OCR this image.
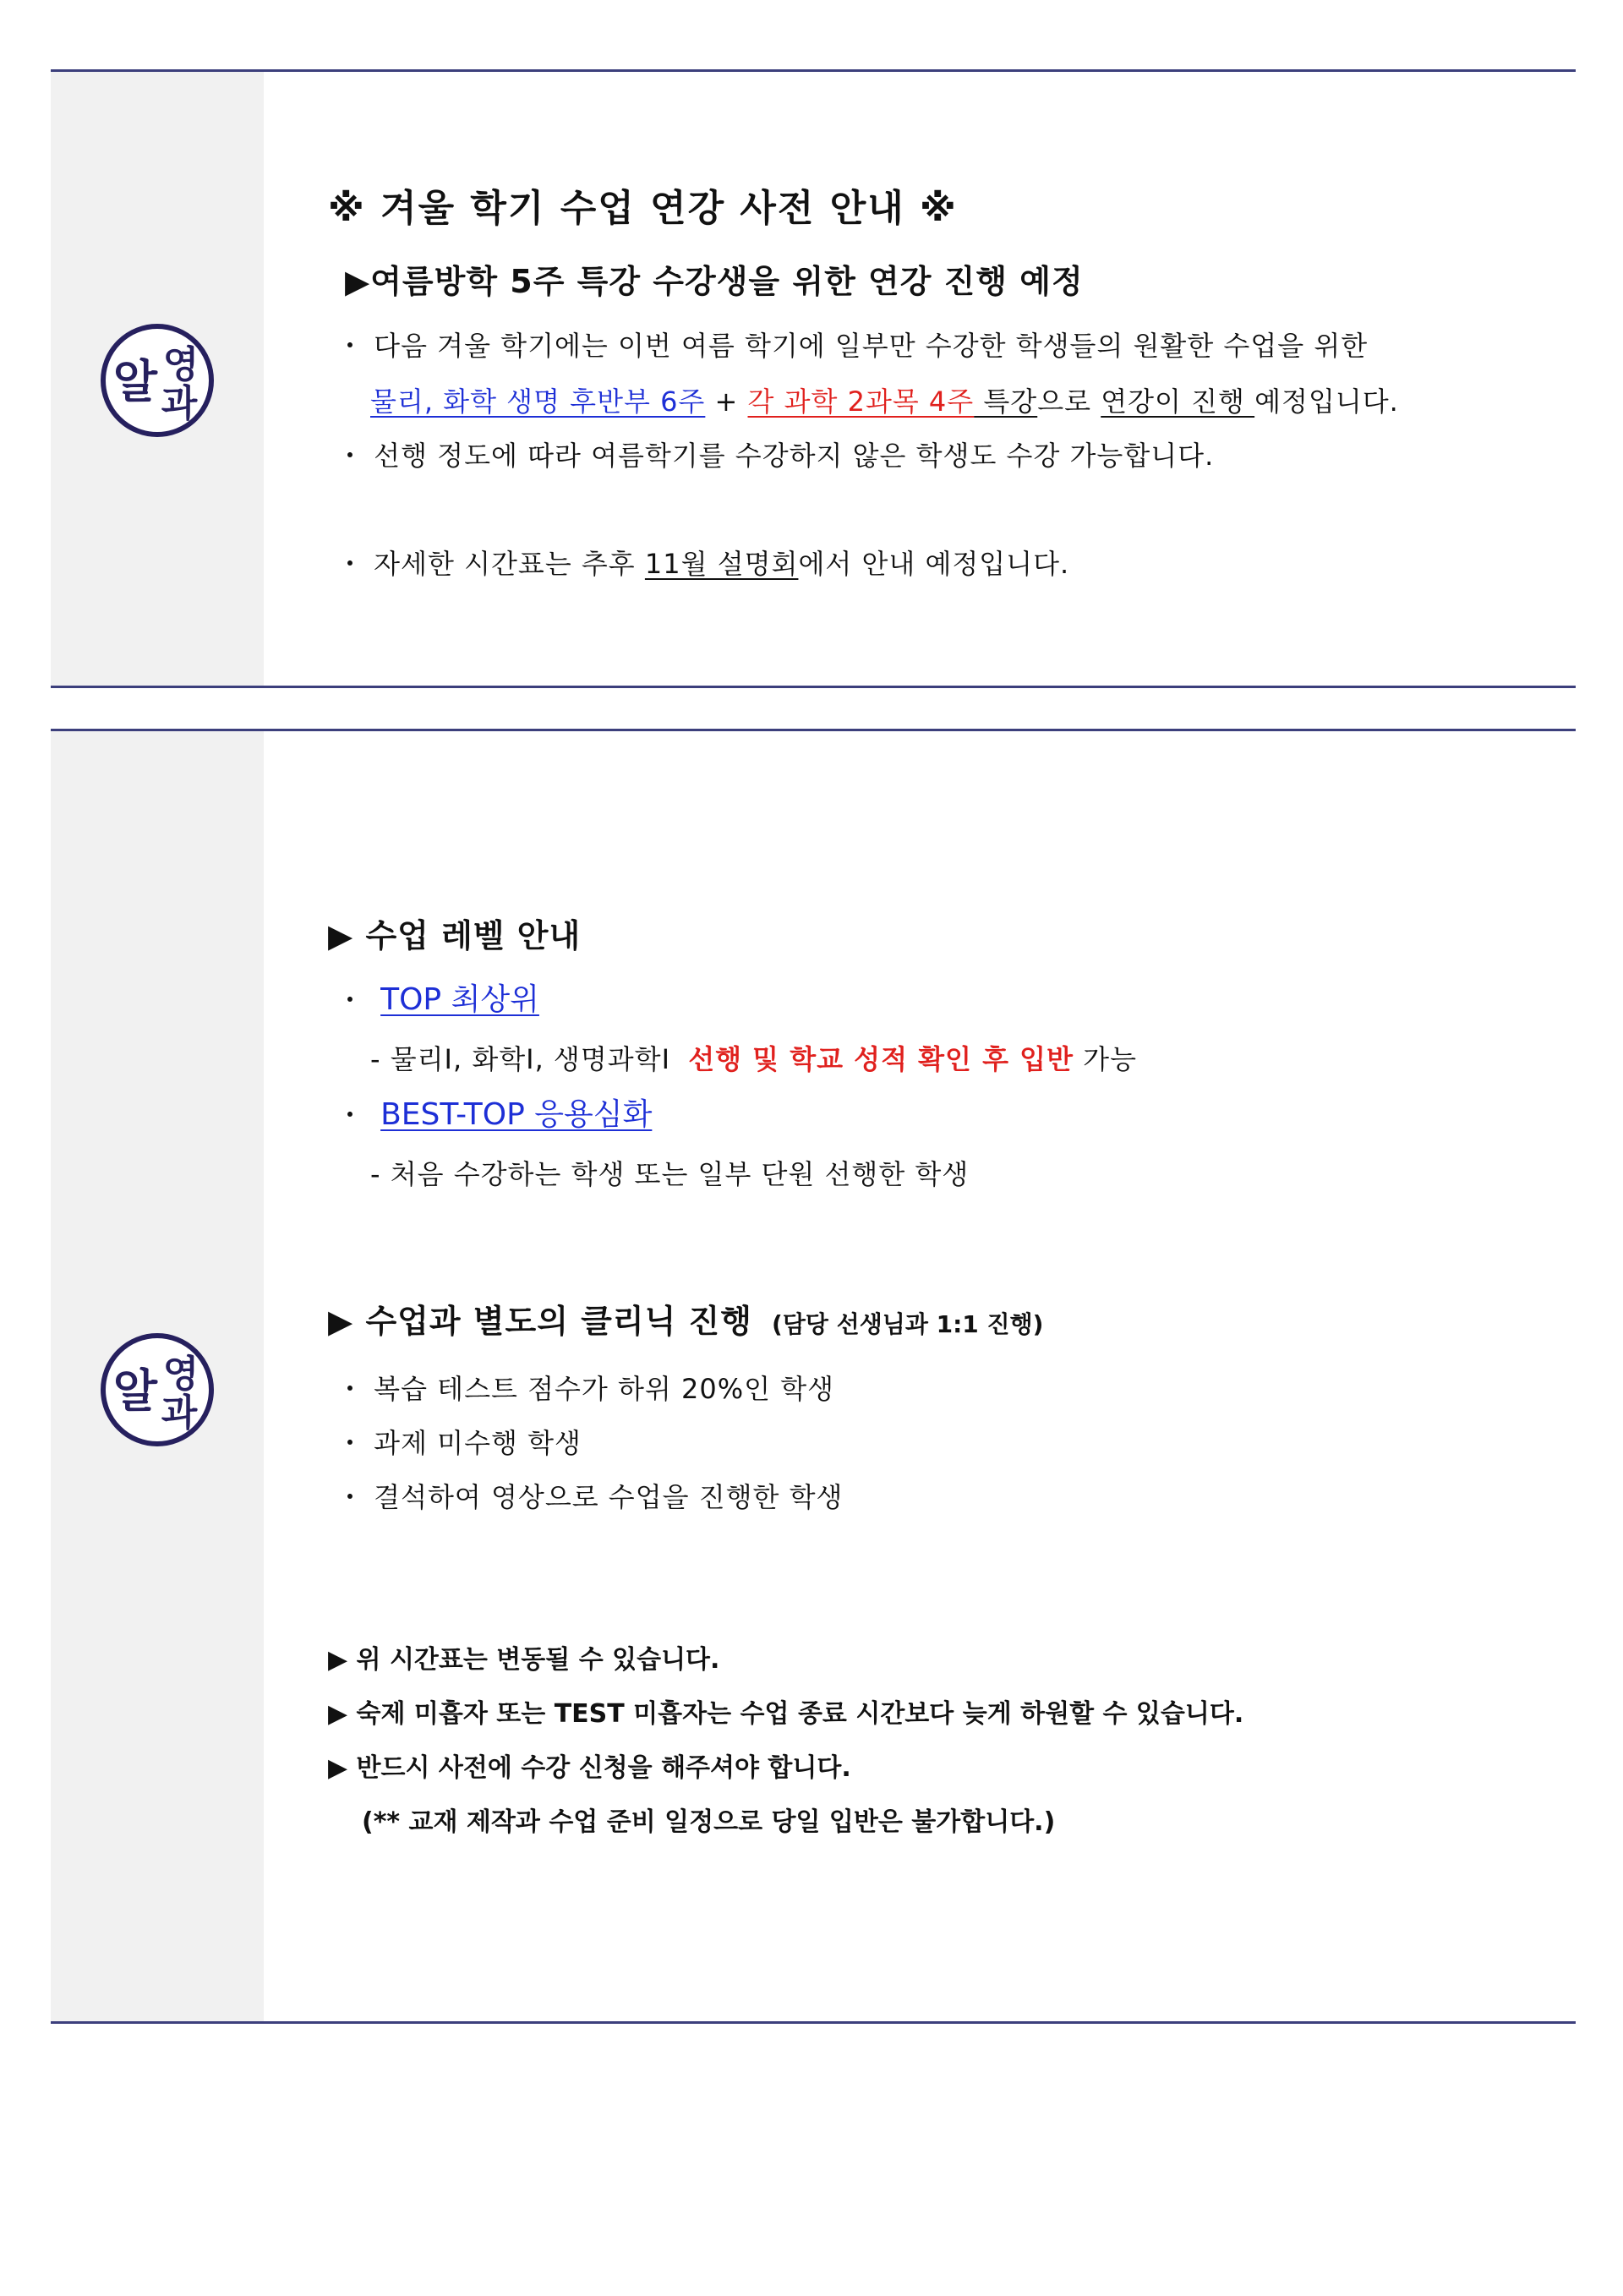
알 영
과
※ 겨울 학기 수업 연강 사전 안내 ※
▶여름방학 5주 특강 수강생을 위한 연강 진행 예정
・ 다음 겨울 학기에는 이번 여름 학기에 일부만 수강한 학생들의 원활한 수업을 위한
물리, 화학 생명 후반부 6주 + 각 과학 2과목 4주 특강으로 연강이 진행 예정입니다.
・ 선행 정도에 따라 여름학기를 수강하지 않은 학생도 수강 가능합니다.
・ 자세한 시간표는 추후 11월 설명회에서 안내 예정입니다.
알 영
과
▶ 수업 레벨 안내
・ TOP 최상위
- 물리Ⅰ, 화학Ⅰ, 생명과학Ⅰ 선행 및 학교 성적 확인 후 입반 가능
・ BEST-TOP 응용심화
- 처음 수강하는 학생 또는 일부 단원 선행한 학생
▶ 수업과 별도의 클리닉 진행 (담당 선생님과 1:1 진행)
・ 복습 테스트 점수가 하위 20%인 학생
・ 과제 미수행 학생
・ 결석하여 영상으로 수업을 진행한 학생
▶ 위 시간표는 변동될 수 있습니다.
▶ 숙제 미흡자 또는 TEST 미흡자는 수업 종료 시간보다 늦게 하원할 수 있습니다.
▶ 반드시 사전에 수강 신청을 해주셔야 합니다.
(** 교재 제작과 수업 준비 일정으로 당일 입반은 불가합니다.)
